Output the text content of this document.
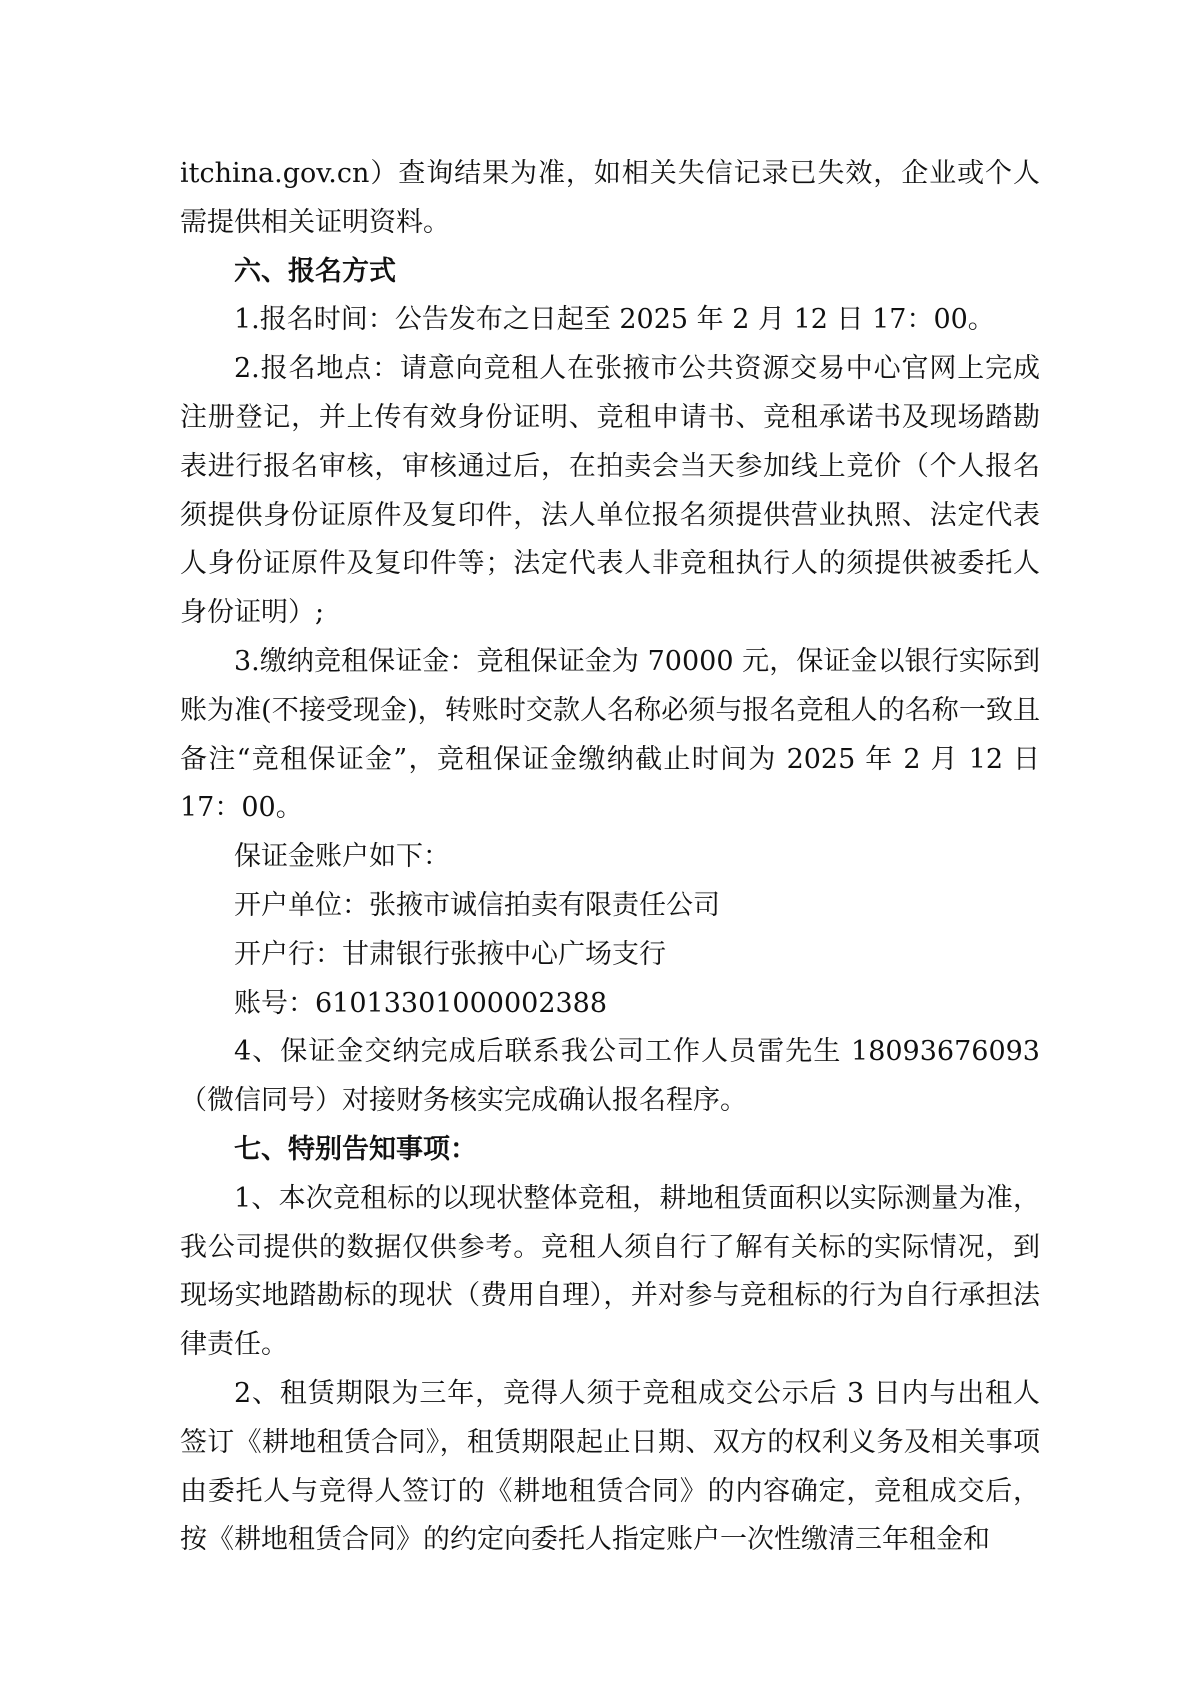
itchina.gov.cn）查询结果为准，如相关失信记录已失效，企业或个人需提供相关证明资料。

六、报名方式

1.报名时间：公告发布之日起至 2025 年 2 月 12 日 17：00。

2.报名地点：请意向竞租人在张掖市公共资源交易中心官网上完成注册登记，并上传有效身份证明、竞租申请书、竞租承诺书及现场踏勘表进行报名审核，审核通过后，在拍卖会当天参加线上竞价（个人报名须提供身份证原件及复印件，法人单位报名须提供营业执照、法定代表人身份证原件及复印件等；法定代表人非竞租执行人的须提供被委托人身份证明）;

3.缴纳竞租保证金：竞租保证金为 70000 元，保证金以银行实际到账为准(不接受现金)，转账时交款人名称必须与报名竞租人的名称一致且备注“竞租保证金”，竞租保证金缴纳截止时间为 2025 年 2 月 12 日 17：00。

保证金账户如下：

开户单位：张掖市诚信拍卖有限责任公司

开户行：甘肃银行张掖中心广场支行

账号：61013301000002388

4、保证金交纳完成后联系我公司工作人员雷先生 18093676093（微信同号）对接财务核实完成确认报名程序。

七、特别告知事项：

1、本次竞租标的以现状整体竞租，耕地租赁面积以实际测量为准，我公司提供的数据仅供参考。竞租人须自行了解有关标的实际情况，到现场实地踏勘标的现状（费用自理），并对参与竞租标的行为自行承担法律责任。

2、租赁期限为三年，竞得人须于竞租成交公示后 3 日内与出租人签订《耕地租赁合同》，租赁期限起止日期、双方的权利义务及相关事项由委托人与竞得人签订的《耕地租赁合同》的内容确定，竞租成交后，按《耕地租赁合同》的约定向委托人指定账户一次性缴清三年租金和
